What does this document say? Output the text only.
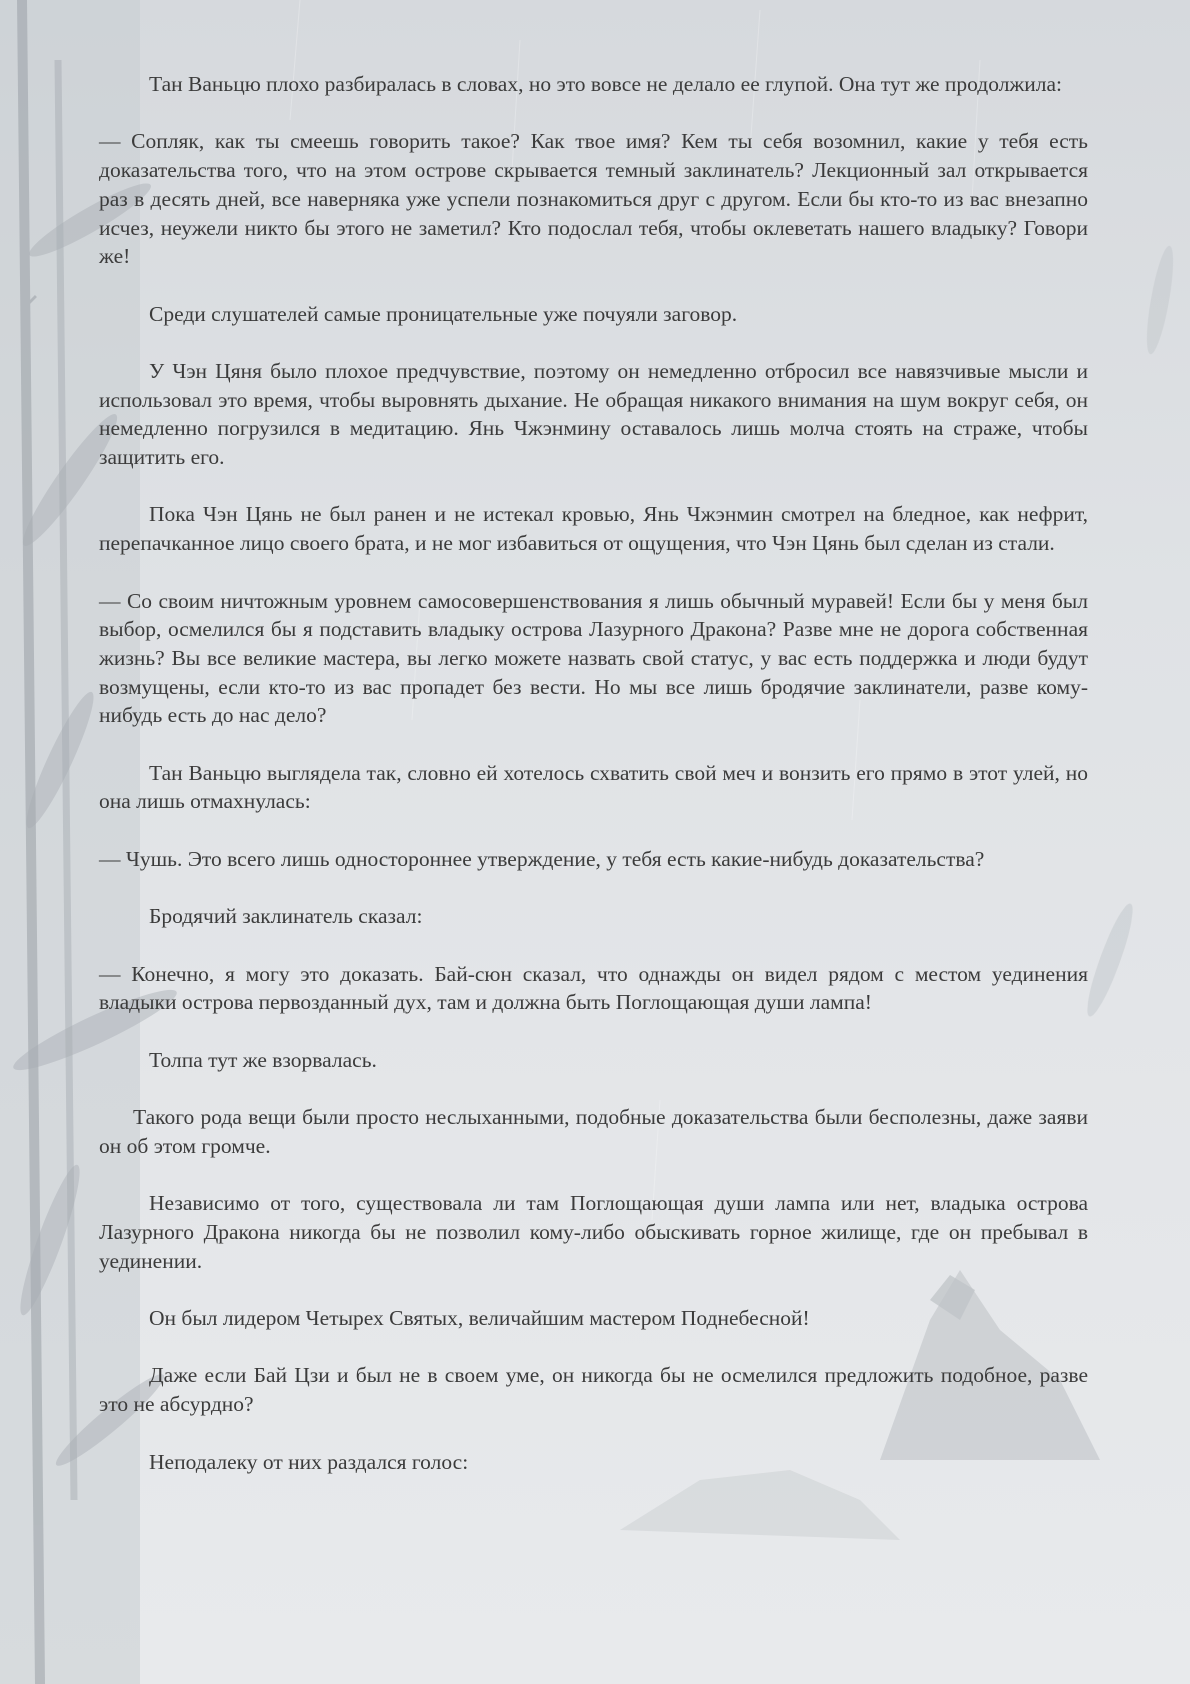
Тан Ваньцю плохо разбиралась в словах, но это вовсе не делало ее глупой. Она тут же продолжила:

— Сопляк, как ты смеешь говорить такое? Как твое имя? Кем ты себя возомнил, какие у тебя есть доказательства того, что на этом острове скрывается темный заклинатель? Лекционный зал открывается раз в десять дней, все наверняка уже успели познакомиться друг с другом. Если бы кто-то из вас внезапно исчез, неужели никто бы этого не заметил? Кто подослал тебя, чтобы оклеветать нашего владыку? Говори же!

Среди слушателей самые проницательные уже почуяли заговор.

У Чэн Цяня было плохое предчувствие, поэтому он немедленно отбросил все навязчивые мысли и использовал это время, чтобы выровнять дыхание. Не обращая никакого внимания на шум вокруг себя, он немедленно погрузился в медитацию. Янь Чжэнмину оставалось лишь молча стоять на страже, чтобы защитить его.

Пока Чэн Цянь не был ранен и не истекал кровью, Янь Чжэнмин смотрел на бледное, как нефрит, перепачканное лицо своего брата, и не мог избавиться от ощущения, что Чэн Цянь был сделан из стали.

— Со своим ничтожным уровнем самосовершенствования я лишь обычный муравей! Если бы у меня был выбор, осмелился бы я подставить владыку острова Лазурного Дракона? Разве мне не дорога собственная жизнь? Вы все великие мастера, вы легко можете назвать свой статус, у вас есть поддержка и люди будут возмущены, если кто-то из вас пропадет без вести. Но мы все лишь бродячие заклинатели, разве кому-нибудь есть до нас дело?

Тан Ваньцю выглядела так, словно ей хотелось схватить свой меч и вонзить его прямо в этот улей, но она лишь отмахнулась:

— Чушь. Это всего лишь одностороннее утверждение, у тебя есть какие-нибудь доказательства?

Бродячий заклинатель сказал:

— Конечно, я могу это доказать. Бай-сюн сказал, что однажды он видел рядом с местом уединения владыки острова первозданный дух, там и должна быть Поглощающая души лампа!

Толпа тут же взорвалась.

Такого рода вещи были просто неслыханными, подобные доказательства были бесполезны, даже заяви он об этом громче.

Независимо от того, существовала ли там Поглощающая души лампа или нет, владыка острова Лазурного Дракона никогда бы не позволил кому-либо обыскивать горное жилище, где он пребывал в уединении.

Он был лидером Четырех Святых, величайшим мастером Поднебесной!

Даже если Бай Цзи и был не в своем уме, он никогда бы не осмелился предложить подобное, разве это не абсурдно?

Неподалеку от них раздался голос:
